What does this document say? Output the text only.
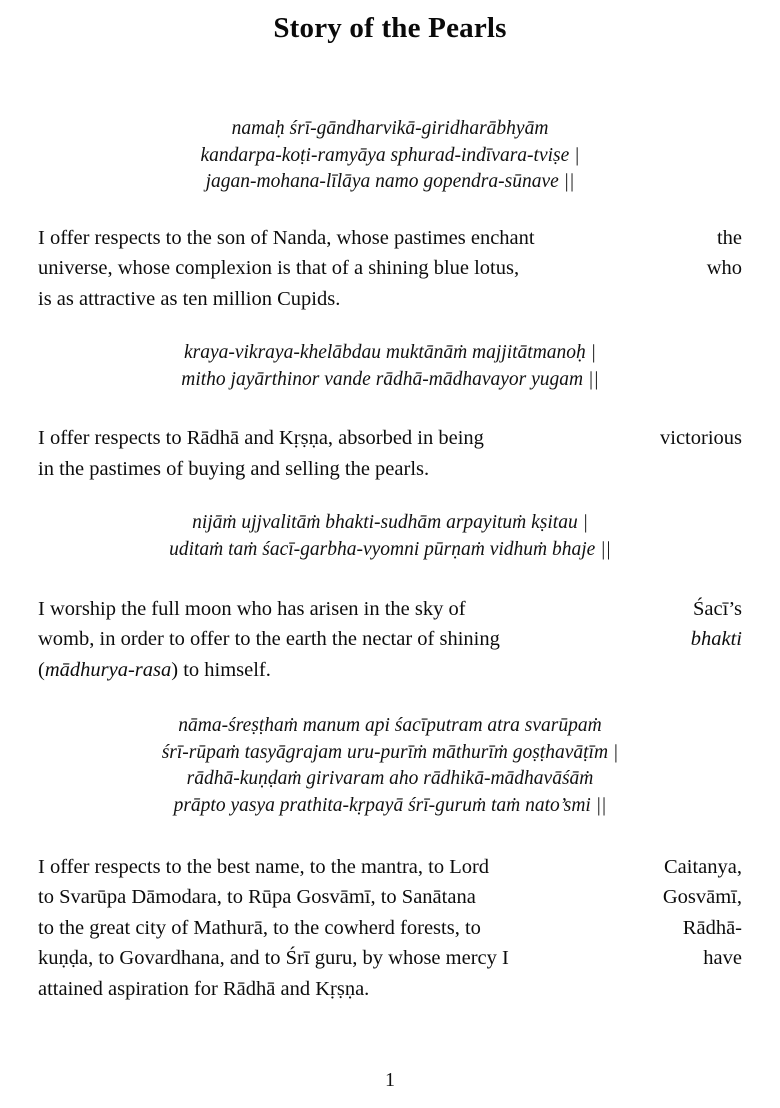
Story of the Pearls
namaḥ śrī-gāndharvikā-giridharābhyām
kandarpa-koṭi-ramyāya sphurad-indīvara-tviṣe |
jagan-mohana-līlāya namo gopendra-sūnave ||
I offer respects to the son of Nanda, whose pastimes enchant	the
universe, whose complexion is that of a shining blue lotus,	who
is as attractive as ten million Cupids.
kraya-vikraya-khelābdau muktānāṁ majjitātmanoḥ |
mitho jayārthinor vande rādhā-mādhavayor yugam ||
I offer respects to Rādhā and Kṛṣṇa, absorbed in being	victorious
in the pastimes of buying and selling the pearls.
nijāṁ ujjvalitāṁ bhakti-sudhām arpayituṁ kṣitau |
uditaṁ taṁ śacī-garbha-vyomni pūrṇaṁ vidhuṁ bhaje ||
I worship the full moon who has arisen in the sky of	Śacī’s
womb, in order to offer to the earth the nectar of shining	bhakti
(mādhurya-rasa) to himself.
nāma-śreṣṭhaṁ manum api śacīputram atra svarūpaṁ
śrī-rūpaṁ tasyāgrajam uru-purīṁ māthurīṁ goṣṭhavāṭīm |
rādhā-kuṇḍaṁ girivaram aho rādhikā-mādhavāśāṁ
prāpto yasya prathita-kṛpayā śrī-guruṁ taṁ nato’smi ||
I offer respects to the best name, to the mantra, to Lord	Caitanya,
to Svarūpa Dāmodara, to Rūpa Gosvāmī, to Sanātana	Gosvāmī,
to the great city of Mathurā, to the cowherd forests, to	Rādhā-
kuṇḍa, to Govardhana, and to Śrī guru, by whose mercy I	have
attained aspiration for Rādhā and Kṛṣṇa.
1
